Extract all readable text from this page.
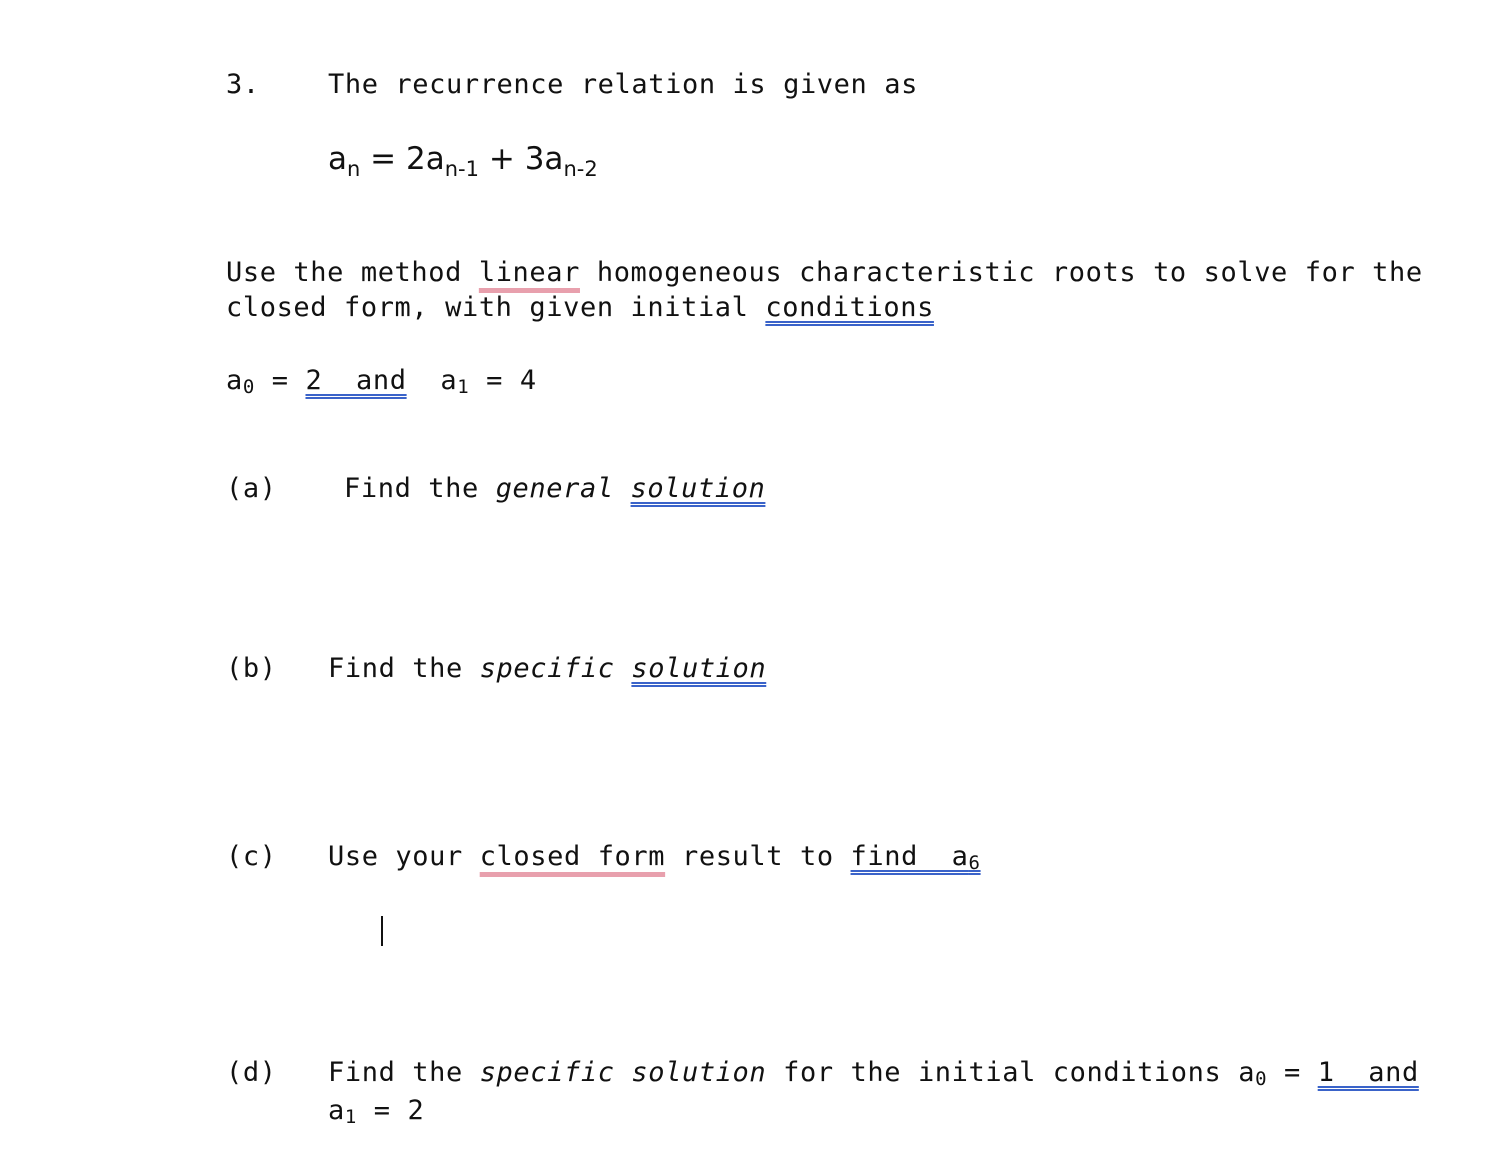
3.	The recurrence relation is given as
$a_n = 2a_{n-1} + 3a_{n-2}$
Use the method linear homogeneous characteristic roots to solve for the
closed form, with given initial conditions
a0 = 2  and a1 = 4
(a) Find the general solution
(b) Find the specific solution
(c) Use your closed form result to find  a6
(d) Find the specific solution for the initial conditions a0 = 1  and
a1 = 2
